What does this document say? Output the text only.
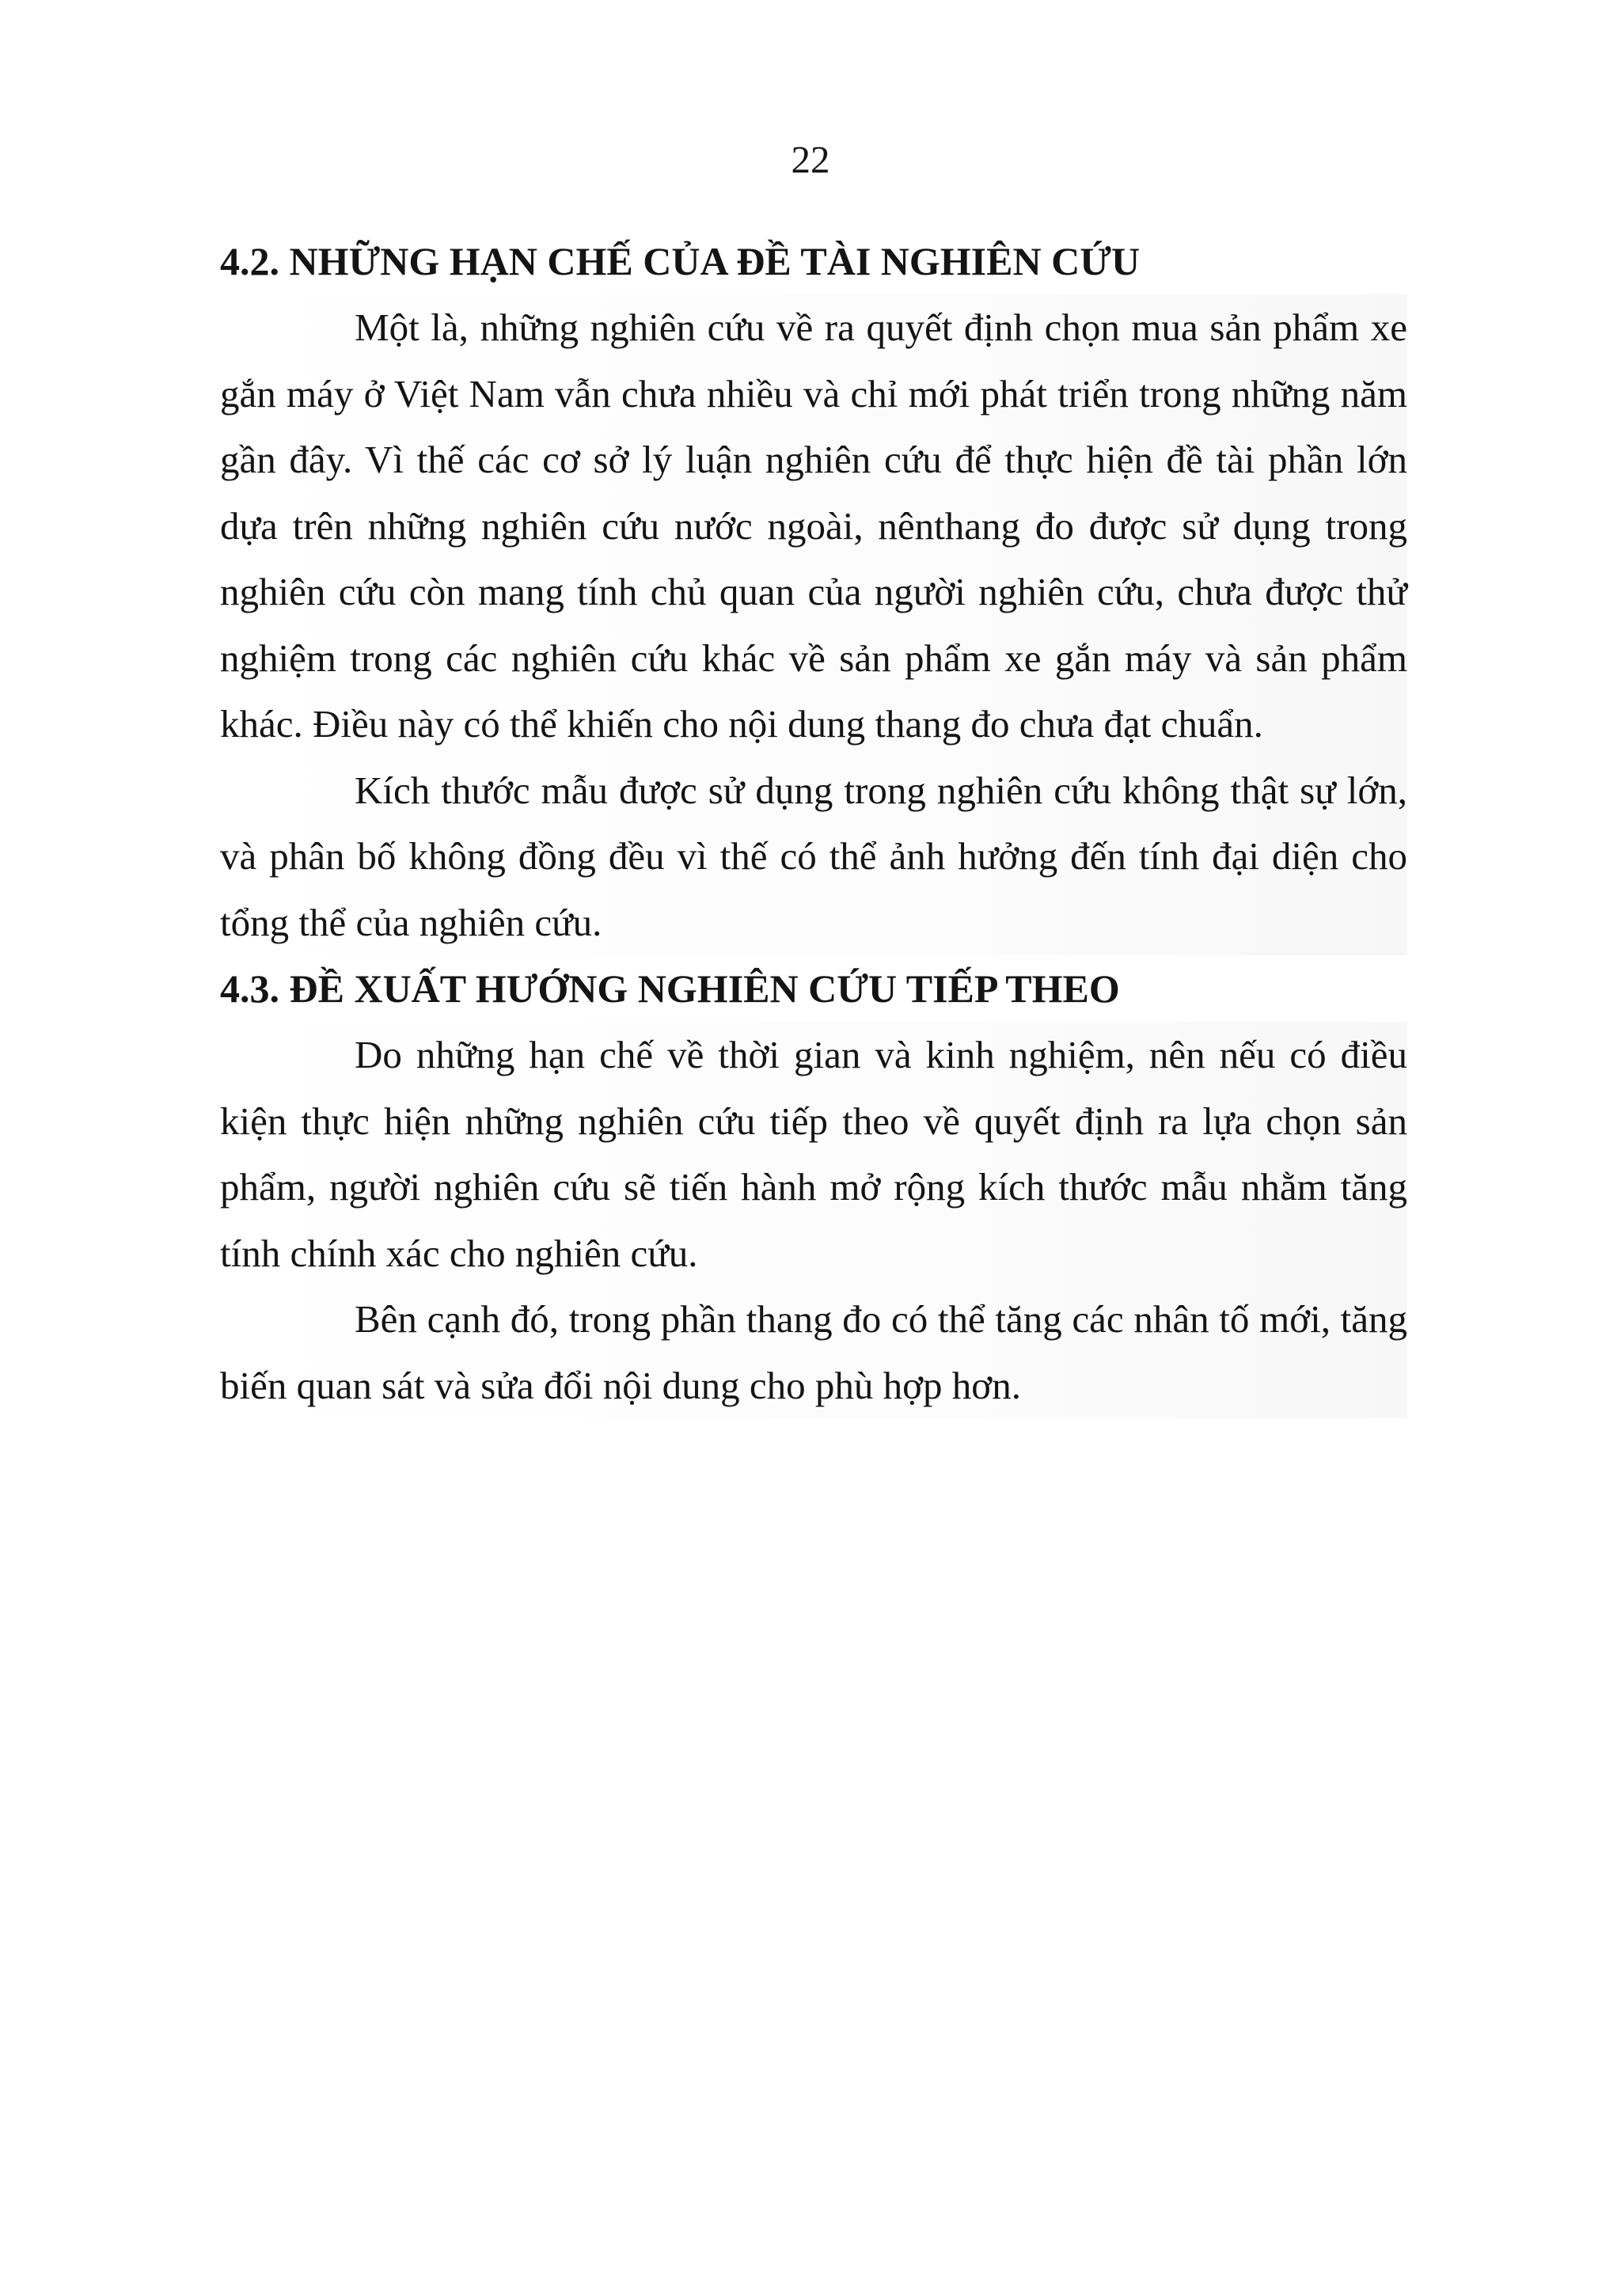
22
4.2. NHỮNG HẠN CHẾ CỦA ĐỀ TÀI NGHIÊN CỨU

Một là, những nghiên cứu về ra quyết định chọn mua sản phẩm xe gắn máy ở Việt Nam vẫn chưa nhiều và chỉ mới phát triển trong những năm gần đây. Vì thế các cơ sở lý luận nghiên cứu để thực hiện đề tài phần lớn dựa trên những nghiên cứu nước ngoài, nênthang đo được sử dụng trong nghiên cứu còn mang tính chủ quan của người nghiên cứu, chưa được thử nghiệm trong các nghiên cứu khác về sản phẩm xe gắn máy và sản phẩm khác. Điều này có thể khiến cho nội dung thang đo chưa đạt chuẩn.

Kích thước mẫu được sử dụng trong nghiên cứu không thật sự lớn, và phân bố không đồng đều vì thế có thể ảnh hưởng đến tính đại diện cho tổng thể của nghiên cứu.

4.3. ĐỀ XUẤT HƯỚNG NGHIÊN CỨU TIẾP THEO

Do những hạn chế về thời gian và kinh nghiệm, nên nếu có điều kiện thực hiện những nghiên cứu tiếp theo về quyết định ra lựa chọn sản phẩm, người nghiên cứu sẽ tiến hành mở rộng kích thước mẫu nhằm tăng tính chính xác cho nghiên cứu.

Bên cạnh đó, trong phần thang đo có thể tăng các nhân tố mới, tăng biến quan sát và sửa đổi nội dung cho phù hợp hơn.
